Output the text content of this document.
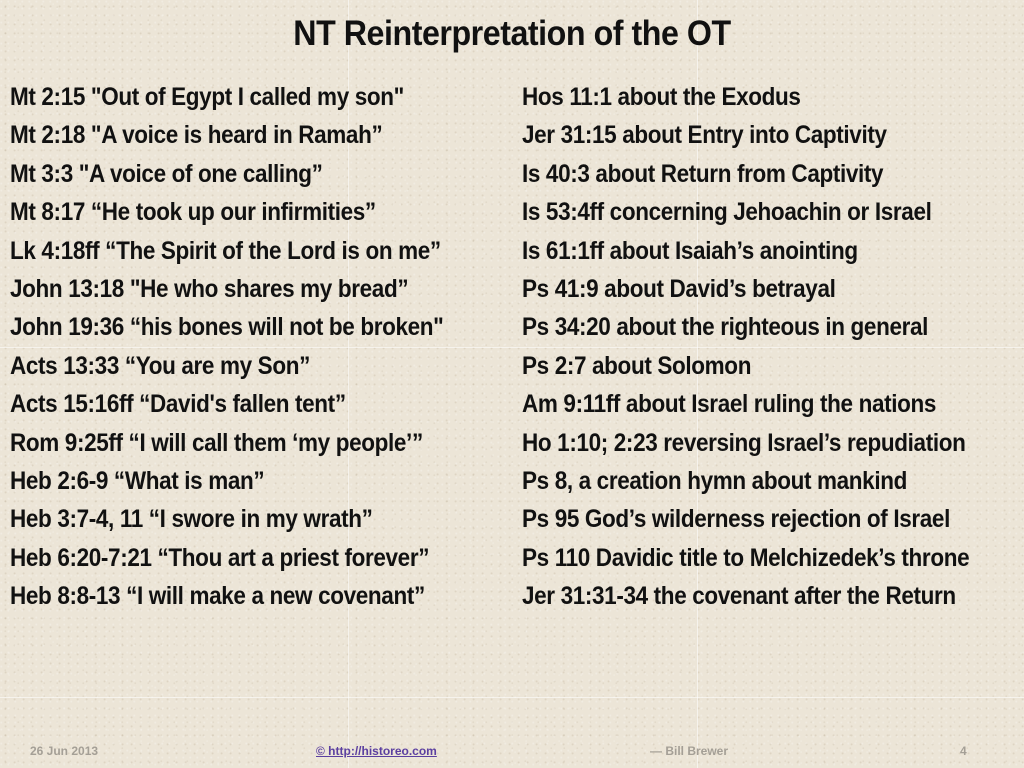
NT Reinterpretation of the OT
Mt 2:15 "Out of Egypt I called my son"	Hos 11:1 about the Exodus
Mt 2:18 "A voice is heard in Ramah”	Jer 31:15 about Entry into Captivity
Mt 3:3 "A voice of one calling”	Is 40:3 about Return from Captivity
Mt 8:17 “He took up our infirmities”	Is 53:4ff concerning Jehoachin or Israel
Lk 4:18ff “The Spirit of the Lord is on me”	Is 61:1ff about Isaiah’s anointing
John 13:18 "He who shares my bread”	Ps 41:9 about David’s betrayal
John 19:36 “his bones will not be broken"	Ps 34:20 about the righteous in general
Acts 13:33 “You are my Son”	Ps 2:7 about Solomon
Acts 15:16ff “David's fallen tent”	Am 9:11ff about Israel ruling the nations
Rom 9:25ff “I will call them ‘my people’”	Ho 1:10; 2:23 reversing Israel’s repudiation
Heb 2:6-9 “What is man”	Ps 8, a creation hymn about mankind
Heb 3:7-4, 11 “I swore in my wrath”	Ps 95 God’s wilderness rejection of Israel
Heb 6:20-7:21 “Thou art a priest forever”	Ps 110 Davidic title to Melchizedek’s throne
Heb 8:8-13 “I will make a new covenant”	Jer 31:31-34 the covenant after the Return
26 Jun 2013	© http://historeo.com	— Bill Brewer	4
